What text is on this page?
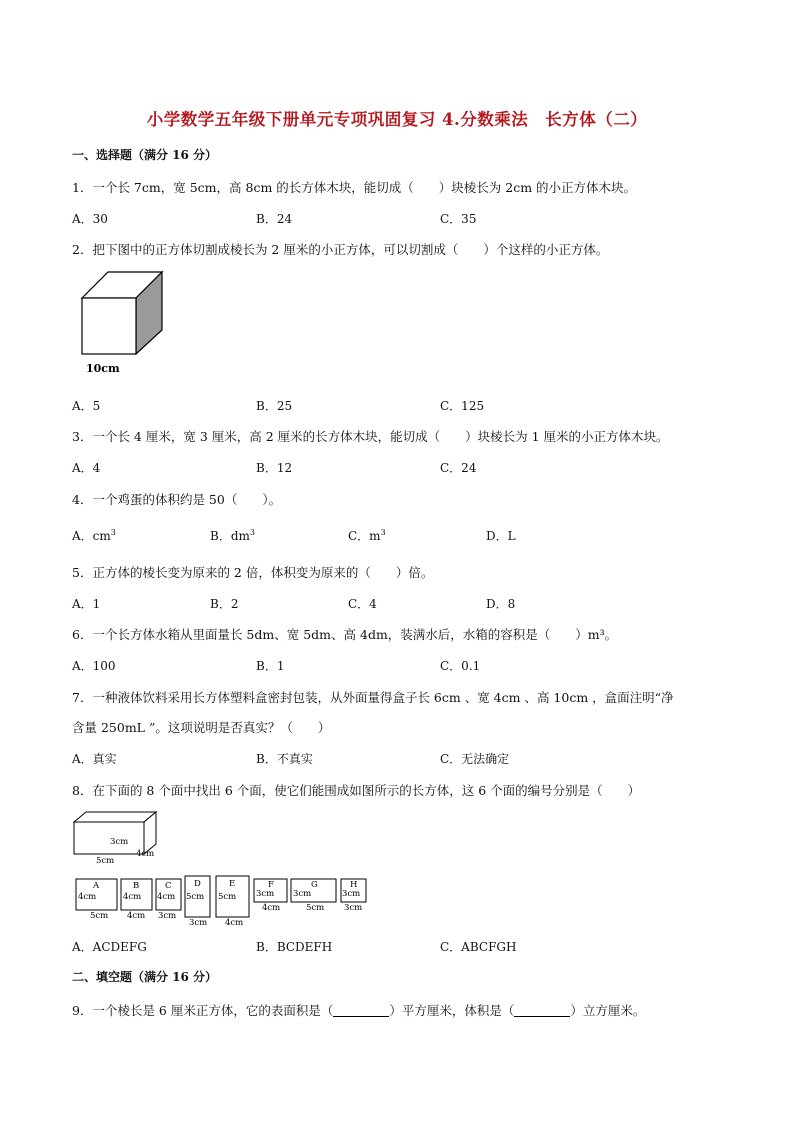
小学数学五年级下册单元专项巩固复习 4.分数乘法　长方体（二）
一、选择题（满分 16 分）
1．一个长 7cm，宽 5cm，高 8cm 的长方体木块，能切成（　　）块棱长为 2cm 的小正方体木块。
A．30	B．24	C．35
2．把下图中的正方体切割成棱长为 2 厘米的小正方体，可以切割成（　　）个这样的小正方体。
10cm
A．5	B．25	C．125
3．一个长 4 厘米，宽 3 厘米，高 2 厘米的长方体木块，能切成（　　）块棱长为 1 厘米的小正方体木块。
A．4	B．12	C．24
4．一个鸡蛋的体积约是 50（　　）。
A．$cm^3$	B．$dm^3$	C．$m^3$	D．L
5．正方体的棱长变为原来的 2 倍，体积变为原来的（　　）倍。
A．1	B．2	C．4	D．8
6．一个长方体水箱从里面量长 5dm、宽 5dm、高 4dm，装满水后，水箱的容积是（　　）m³。
A．100	B．1	C．0.1
7．一种液体饮料采用长方体塑料盒密封包装，从外面量得盒子长 6cm 、宽 4cm 、高 10cm ，盒面注明“净
含量 250mL ”。这项说明是否真实？（　　）
A．真实	B．不真实	C．无法确定
8．在下面的 8 个面中找出 6 个面，使它们能围成如图所示的长方体，这 6 个面的编号分别是（　　）
3cm
5cm
4cm
A
4cm
5cm
B
4cm
4cm
C
4cm
3cm
D
5cm
3cm
E
5cm
4cm
F
3cm
4cm
G
3cm
5cm
H
3cm
3cm
A．ACDEFG	B．BCDEFH	C．ABCFGH
二、填空题（满分 16 分）
9．一个棱长是 6 厘米正方体，它的表面积是（	）平方厘米，体积是（	）立方厘米。
